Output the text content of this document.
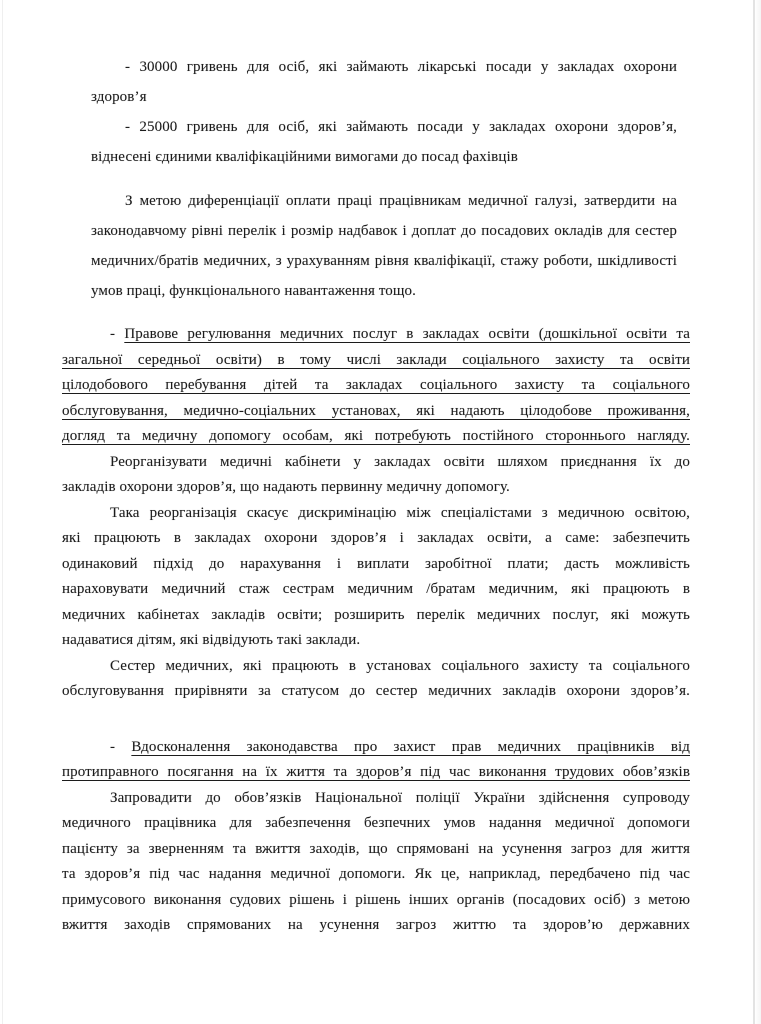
- 30000 гривень для осіб, які займають лікарські посади у закладах охорони
здоров’я

- 25000 гривень для осіб, які займають посади у закладах охорони здоров’я,
віднесені єдиними кваліфікаційними вимогами до посад фахівців

З метою диференціації оплати праці працівникам медичної галузі, затвердити на
законодавчому рівні перелік і розмір надбавок і доплат до посадових окладів для сестер
медичних/братів медичних, з урахуванням рівня кваліфікації, стажу роботи, шкідливості
умов праці, функціонального навантаження тощо.

- Правове регулювання медичних послуг в закладах освіти (дошкільної освіти та
загальної середньої освіти) в тому числі заклади соціального захисту та освіти
цілодобового перебування дітей та закладах соціального захисту та соціального
обслуговування, медично-соціальних установах, які надають цілодобове проживання,
догляд та медичну допомогу особам, які потребують постійного стороннього нагляду.

Реорганізувати медичні кабінети у закладах освіти шляхом приєднання їх до
закладів охорони здоров’я, що надають первинну медичну допомогу.

Така реорганізація скасує дискримінацію між спеціалістами з медичною освітою,
які працюють в закладах охорони здоров’я і закладах освіти, а саме: забезпечить
одинаковий підхід до нарахування і виплати заробітної плати; дасть можливість
нараховувати медичний стаж сестрам медичним /братам медичним, які працюють в
медичних кабінетах закладів освіти; розширить перелік медичних послуг, які можуть
надаватися дітям, які відвідують такі заклади.

Сестер медичних, які працюють в установах соціального захисту та соціального
обслуговування прирівняти за статусом до сестер медичних закладів охорони здоров’я.

- Вдосконалення законодавства про захист прав медичних працівників від
протиправного посягання на їх життя та здоров’я під час виконання трудових обов’язків

Запровадити до обов’язків Національної поліції України здійснення супроводу
медичного працівника для забезпечення безпечних умов надання медичної допомоги
пацієнту за зверненням та вжиття заходів, що спрямовані на усунення загроз для життя
та здоров’я під час надання медичної допомоги. Як це, наприклад, передбачено під час
примусового виконання судових рішень і рішень інших органів (посадових осіб) з метою
вжиття заходів спрямованих на усунення загроз життю та здоров’ю державних
